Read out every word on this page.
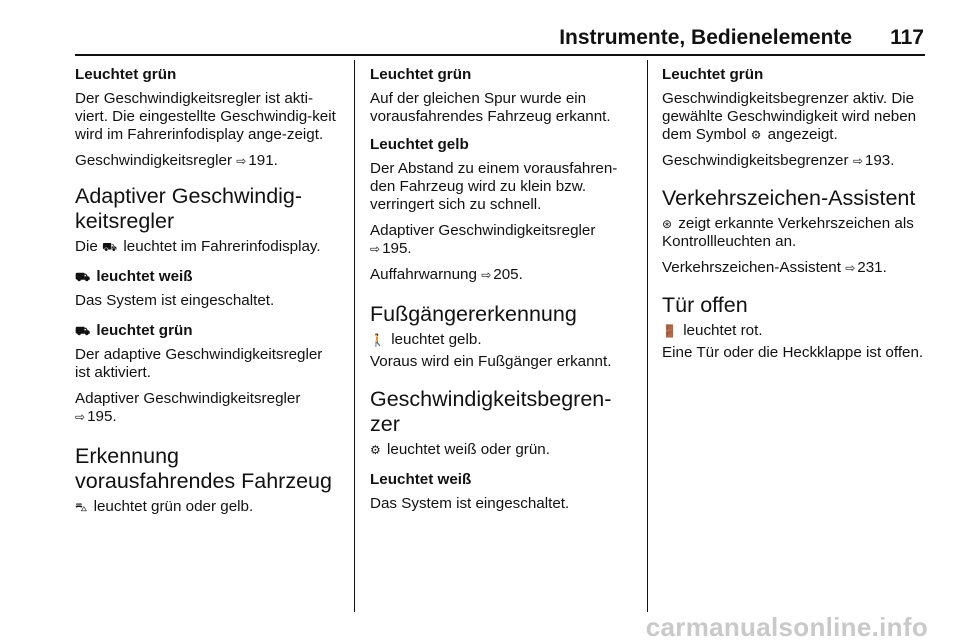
Instrumente, Bedienelemente 117
Leuchtet grün

Der Geschwindigkeitsregler ist akti-viert. Die eingestellte Geschwindig-keit wird im Fahrerinfodisplay ange-zeigt.

Geschwindigkeitsregler ⇨ 191.

Adaptiver Geschwindig-keitsregler

Die ⛟ leuchtet im Fahrerinfodisplay.

⛟ leuchtet weiß

Das System ist eingeschaltet.

⛟ leuchtet grün

Der adaptive Geschwindigkeitsregler ist aktiviert.

Adaptiver Geschwindigkeitsregler
⇨ 195.

Erkennung vorausfahrendes Fahrzeug

⛍ leuchtet grün oder gelb.

Leuchtet grün

Auf der gleichen Spur wurde ein vorausfahrendes Fahrzeug erkannt.

Leuchtet gelb

Der Abstand zu einem vorausfahren-den Fahrzeug wird zu klein bzw. verringert sich zu schnell.

Adaptiver Geschwindigkeitsregler
⇨ 195.

Auffahrwarnung ⇨ 205.

Fußgängererkennung

🚶 leuchtet gelb.

Voraus wird ein Fußgänger erkannt.

Geschwindigkeitsbegren-zer

⚙ leuchtet weiß oder grün.

Leuchtet weiß

Das System ist eingeschaltet.

Leuchtet grün

Geschwindigkeitsbegrenzer aktiv. Die gewählte Geschwindigkeit wird neben dem Symbol ⚙ angezeigt.

Geschwindigkeitsbegrenzer ⇨ 193.

Verkehrszeichen-Assistent

⊛ zeigt erkannte Verkehrszeichen als Kontrollleuchten an.

Verkehrszeichen-Assistent ⇨ 231.

Tür offen

🚪 leuchtet rot.

Eine Tür oder die Heckklappe ist offen.

carmanualsonline.info
